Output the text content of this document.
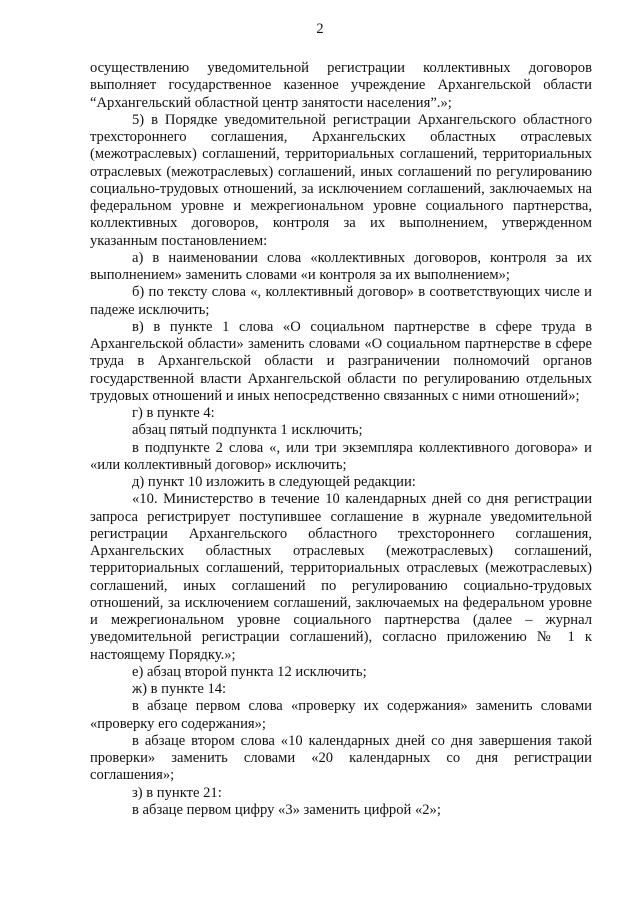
2

осуществлению уведомительной регистрации коллективных договоров выполняет государственное казенное учреждение Архангельской области “Архангельский областной центр занятости населения”.»;

5) в Порядке уведомительной регистрации Архангельского областного трехстороннего соглашения, Архангельских областных отраслевых (межотраслевых) соглашений, территориальных соглашений, территориальных отраслевых (межотраслевых) соглашений, иных соглашений по регулированию социально-трудовых отношений, за исключением соглашений, заключаемых на федеральном уровне и межрегиональном уровне социального партнерства, коллективных договоров, контроля за их выполнением, утвержденном указанным постановлением:

а) в наименовании слова «коллективных договоров, контроля за их выполнением» заменить словами «и контроля за их выполнением»;

б) по тексту слова «, коллективный договор» в соответствующих числе и падеже исключить;

в) в пункте 1 слова «О социальном партнерстве в сфере труда в Архангельской области» заменить словами «О социальном партнерстве в сфере труда в Архангельской области и разграничении полномочий органов государственной власти Архангельской области по регулированию отдельных трудовых отношений и иных непосредственно связанных с ними отношений»;

г) в пункте 4:

абзац пятый подпункта 1 исключить;

в подпункте 2 слова «, или три экземпляра коллективного договора» и «или коллективный договор» исключить;

д) пункт 10 изложить в следующей редакции:

«10. Министерство в течение 10 календарных дней со дня регистрации запроса регистрирует поступившее соглашение в журнале уведомительной регистрации Архангельского областного трехстороннего соглашения, Архангельских областных отраслевых (межотраслевых) соглашений, территориальных соглашений, территориальных отраслевых (межотраслевых) соглашений, иных соглашений по регулированию социально-трудовых отношений, за исключением соглашений, заключаемых на федеральном уровне и межрегиональном уровне социального партнерства (далее – журнал уведомительной регистрации соглашений), согласно приложению № 1 к настоящему Порядку.»;

е) абзац второй пункта 12 исключить;

ж) в пункте 14:

в абзаце первом слова «проверку их содержания» заменить словами «проверку его содержания»;

в абзаце втором слова «10 календарных дней со дня завершения такой проверки» заменить словами «20 календарных со дня регистрации соглашения»;

з) в пункте 21:

в абзаце первом цифру «3» заменить цифрой «2»;
